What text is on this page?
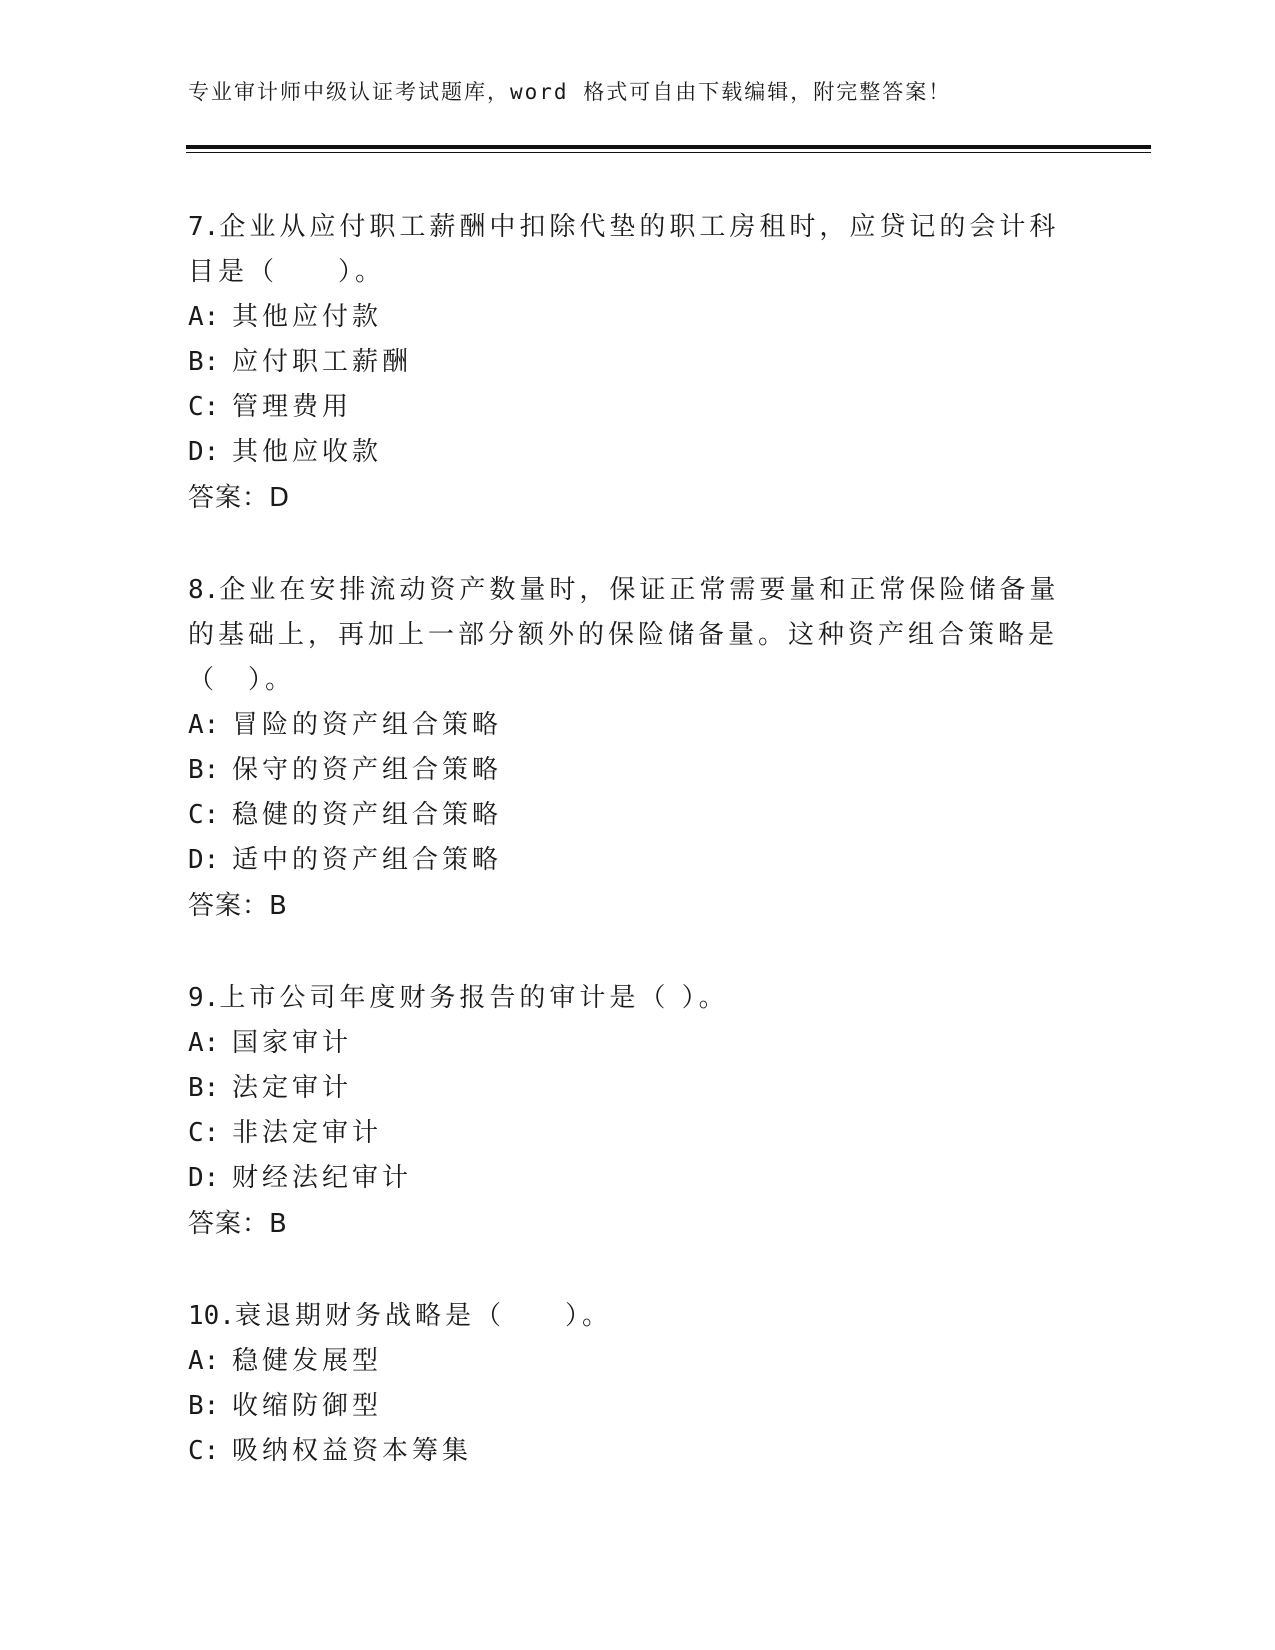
专业审计师中级认证考试题库，word 格式可自由下载编辑，附完整答案！
7.企业从应付职工薪酬中扣除代垫的职工房租时，应贷记的会计科目是（　　）。
A: 其他应付款
B: 应付职工薪酬
C: 管理费用
D: 其他应收款
答案：D
8.企业在安排流动资产数量时，保证正常需要量和正常保险储备量的基础上，再加上一部分额外的保险储备量。这种资产组合策略是（　）。
A: 冒险的资产组合策略
B: 保守的资产组合策略
C: 稳健的资产组合策略
D: 适中的资产组合策略
答案：B
9.上市公司年度财务报告的审计是（ ）。
A: 国家审计
B: 法定审计
C: 非法定审计
D: 财经法纪审计
答案：B
10.衰退期财务战略是（　　）。
A: 稳健发展型
B: 收缩防御型
C: 吸纳权益资本筹集
